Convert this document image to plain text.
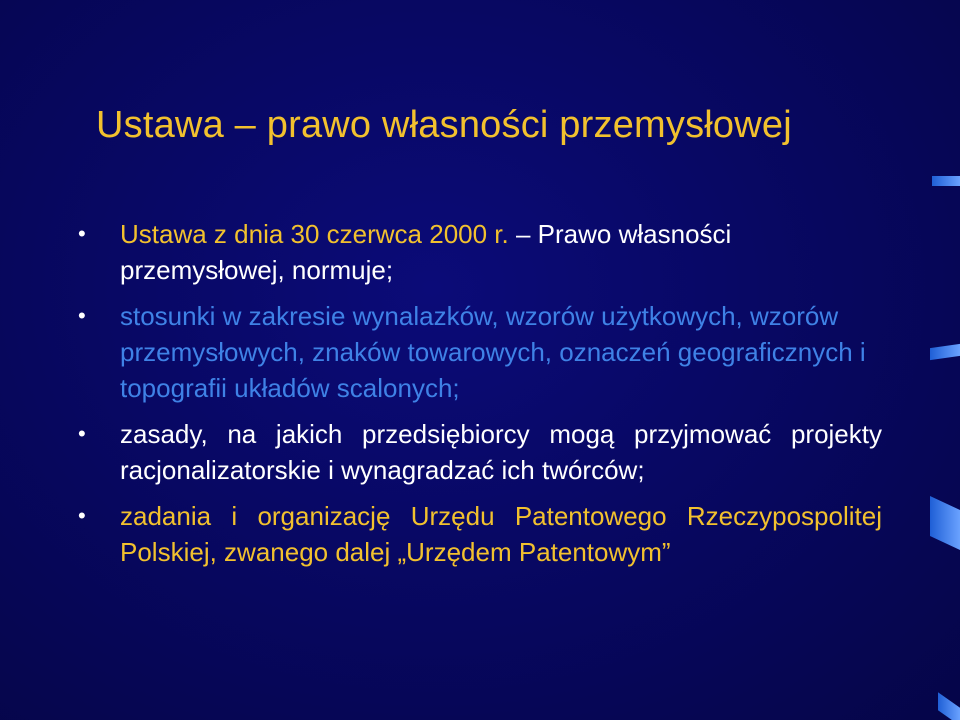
Ustawa – prawo własności przemysłowej
• Ustawa z dnia 30 czerwca 2000 r. – Prawo własności przemysłowej, normuje;
• stosunki w zakresie wynalazków, wzorów użytkowych, wzorów przemysłowych, znaków towarowych, oznaczeń geograficznych i topografii układów scalonych;
• zasady, na jakich przedsiębiorcy mogą przyjmować projekty racjonalizatorskie i wynagradzać ich twórców;
• zadania i organizację Urzędu Patentowego Rzeczypospolitej Polskiej, zwanego dalej „Urzędem Patentowym”
